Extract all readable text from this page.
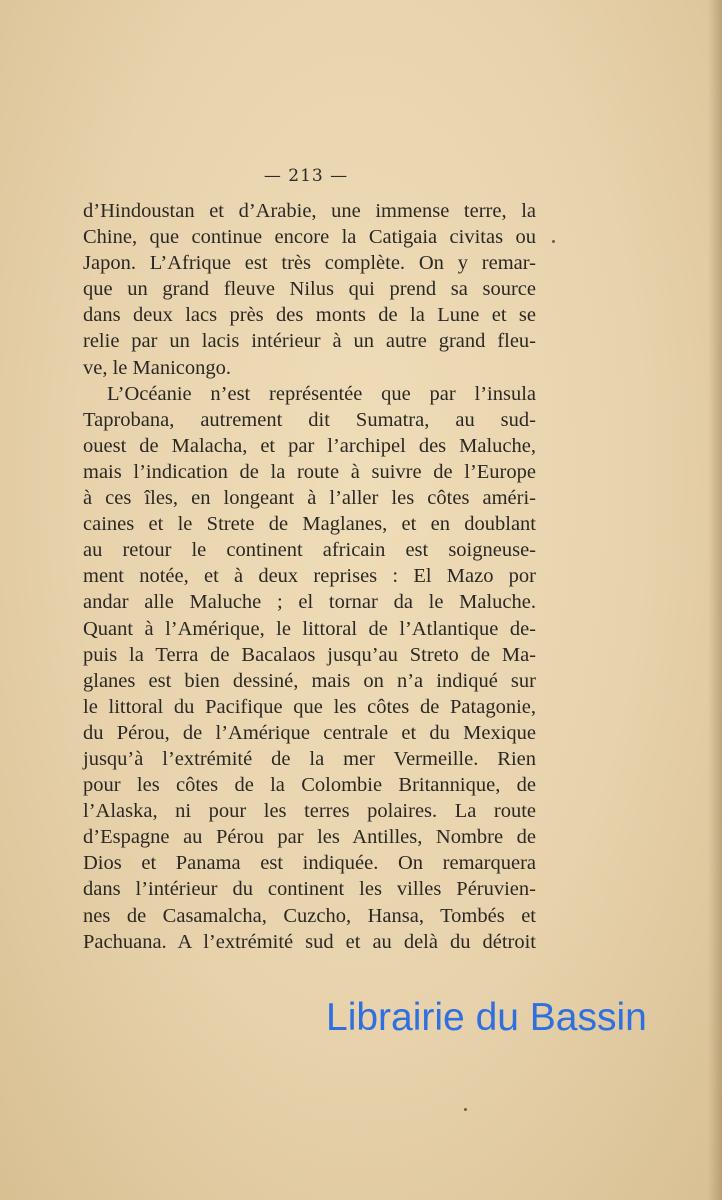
— 213 —
d’Hindoustan et d’Arabie, une immense terre, la
Chine, que continue encore la Catigaia civitas ou
Japon. L’Afrique est très complète. On y remar-
que un grand fleuve Nilus qui prend sa source
dans deux lacs près des monts de la Lune et se
relie par un lacis intérieur à un autre grand fleu-
ve, le Manicongo.
L’Océanie n’est représentée que par l’insula
Taprobana, autrement dit Sumatra, au sud-
ouest de Malacha, et par l’archipel des Maluche,
mais l’indication de la route à suivre de l’Europe
à ces îles, en longeant à l’aller les côtes améri-
caines et le Strete de Maglanes, et en doublant
au retour le continent africain est soigneuse-
ment notée, et à deux reprises : El Mazo por
andar alle Maluche ; el tornar da le Maluche.
Quant à l’Amérique, le littoral de l’Atlantique de-
puis la Terra de Bacalaos jusqu’au Streto de Ma-
glanes est bien dessiné, mais on n’a indiqué sur
le littoral du Pacifique que les côtes de Patagonie,
du Pérou, de l’Amérique centrale et du Mexique
jusqu’à l’extrémité de la mer Vermeille. Rien
pour les côtes de la Colombie Britannique, de
l’Alaska, ni pour les terres polaires. La route
d’Espagne au Pérou par les Antilles, Nombre de
Dios et Panama est indiquée. On remarquera
dans l’intérieur du continent les villes Péruvien-
nes de Casamalcha, Cuzcho, Hansa, Tombés et
Pachuana. A l’extrémité sud et au delà du détroit
Librairie du Bassin
